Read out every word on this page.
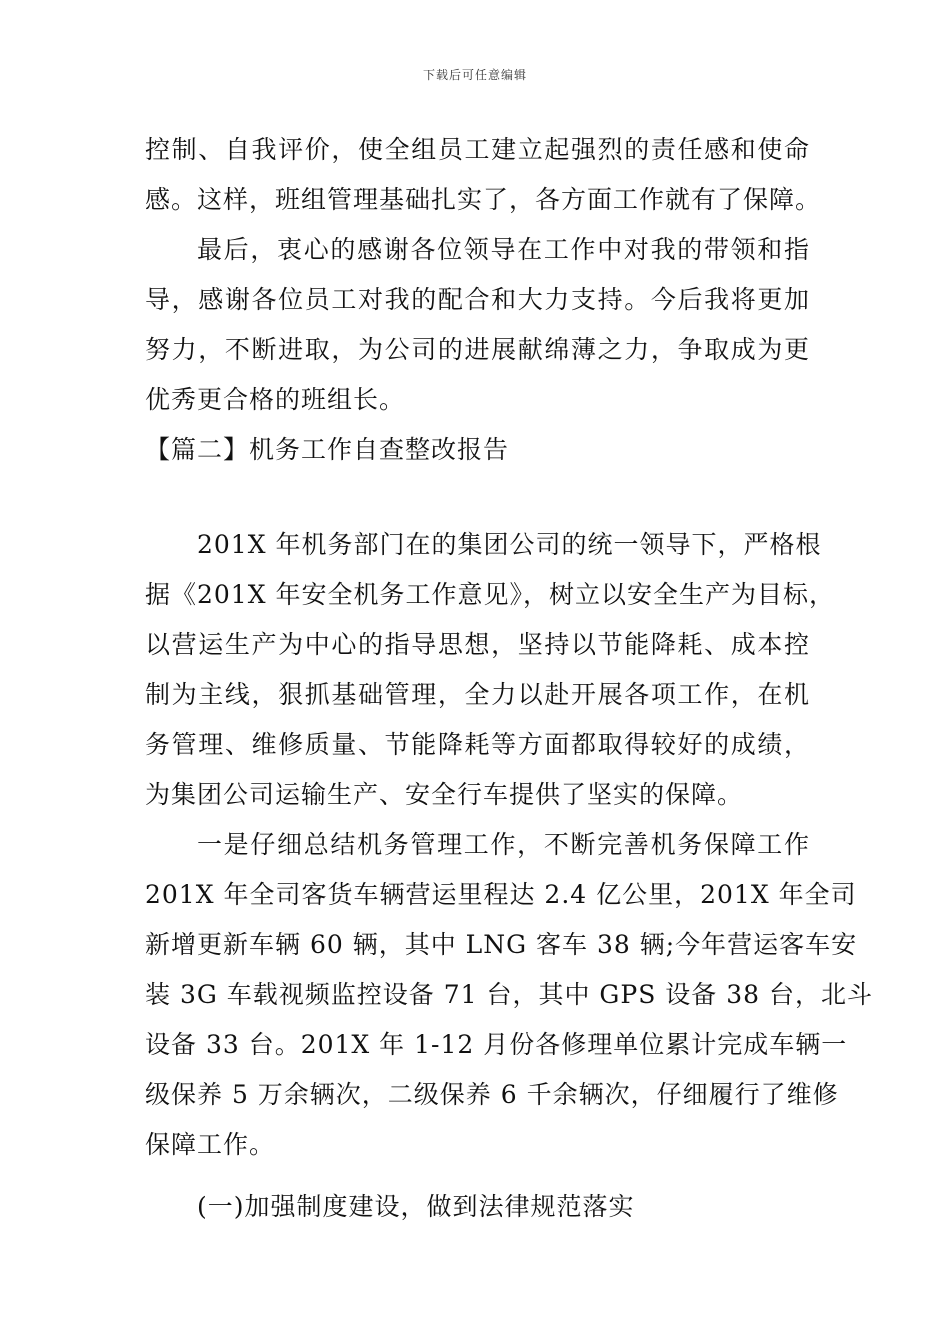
下载后可任意编辑
控制、自我评价，使全组员工建立起强烈的责任感和使命
感。这样，班组管理基础扎实了，各方面工作就有了保障。
最后，衷心的感谢各位领导在工作中对我的带领和指
导，感谢各位员工对我的配合和大力支持。今后我将更加
努力，不断进取，为公司的进展献绵薄之力，争取成为更
优秀更合格的班组长。
【篇二】机务工作自查整改报告
201X 年机务部门在的集团公司的统一领导下，严格根
据《201X 年安全机务工作意见》，树立以安全生产为目标，
以营运生产为中心的指导思想，坚持以节能降耗、成本控
制为主线，狠抓基础管理，全力以赴开展各项工作，在机
务管理、维修质量、节能降耗等方面都取得较好的成绩，
为集团公司运输生产、安全行车提供了坚实的保障。
一是仔细总结机务管理工作，不断完善机务保障工作
201X 年全司客货车辆营运里程达 2.4 亿公里，201X 年全司
新增更新车辆 60 辆，其中 LNG 客车 38 辆;今年营运客车安
装 3G 车载视频监控设备 71 台，其中 GPS 设备 38 台，北斗
设备 33 台。201X 年 1-12 月份各修理单位累计完成车辆一
级保养 5 万余辆次，二级保养 6 千余辆次，仔细履行了维修
保障工作。
(一)加强制度建设，做到法律规范落实
